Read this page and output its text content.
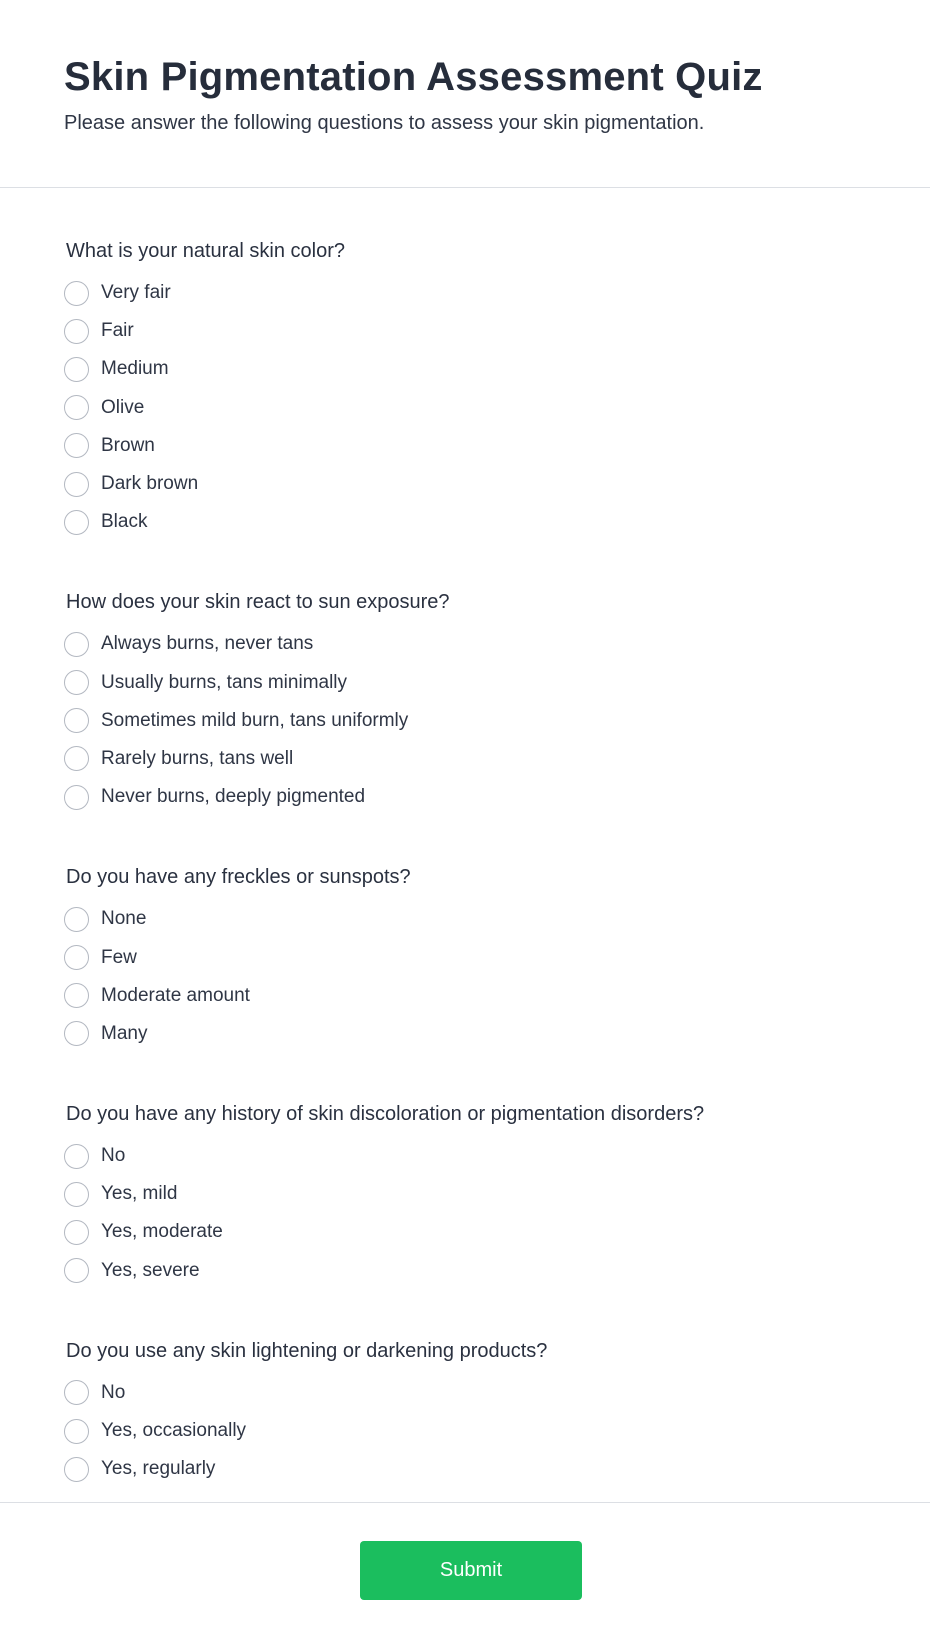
Skin Pigmentation Assessment Quiz

Please answer the following questions to assess your skin pigmentation.

What is your natural skin color?
Very fair
Fair
Medium
Olive
Brown
Dark brown
Black
How does your skin react to sun exposure?
Always burns, never tans
Usually burns, tans minimally
Sometimes mild burn, tans uniformly
Rarely burns, tans well
Never burns, deeply pigmented
Do you have any freckles or sunspots?
None
Few
Moderate amount
Many
Do you have any history of skin discoloration or pigmentation disorders?
No
Yes, mild
Yes, moderate
Yes, severe
Do you use any skin lightening or darkening products?
No
Yes, occasionally
Yes, regularly
Submit
